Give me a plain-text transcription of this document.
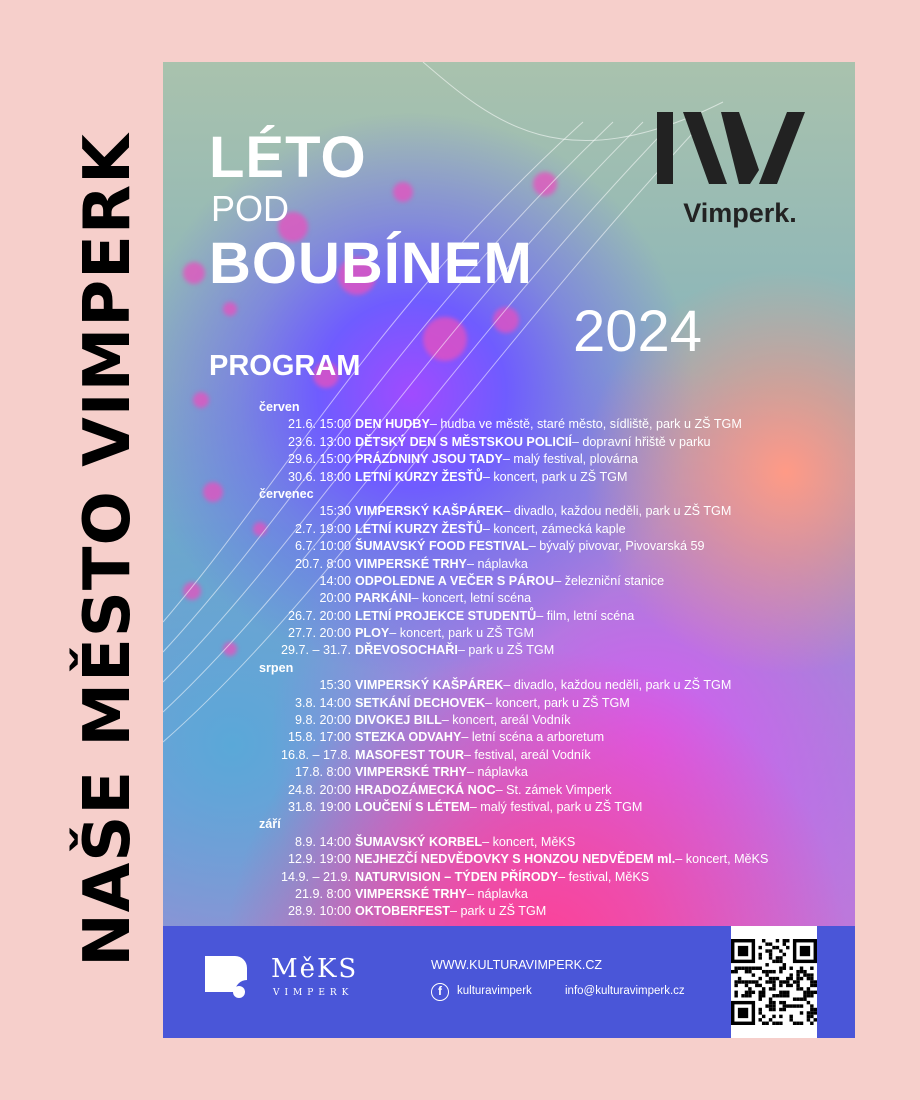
NAŠE MĚSTO VIMPERK LÉTO
POD
BOUBÍNEM
2024
PROGRAM
Vimperk.
červen
21.6. 15:00 DEN HUDBY – hudba ve městě, staré město, sídliště, park u ZŠ TGM
23.6. 13:00 DĚTSKÝ DEN S MĚSTSKOU POLICIÍ – dopravní hřiště v parku
29.6. 15:00 PRÁZDNINY JSOU TADY – malý festival, plovárna
30.6. 18:00 LETNÍ KURZY ŽESŤŮ – koncert, park u ZŠ TGM
červenec
15:30 VIMPERSKÝ KAŠPÁREK – divadlo, každou neděli, park u ZŠ TGM
2.7. 19:00 LETNÍ KURZY ŽESŤŮ – koncert, zámecká kaple
6.7. 10:00 ŠUMAVSKÝ FOOD FESTIVAL – bývalý pivovar, Pivovarská 59
20.7. 8:00 VIMPERSKÉ TRHY – náplavka
14:00 ODPOLEDNE A VEČER S PÁROU – železniční stanice
20:00 PARKÁNI – koncert, letní scéna
26.7. 20:00 LETNÍ PROJEKCE STUDENTŮ – film, letní scéna
27.7. 20:00 PLOY – koncert, park u ZŠ TGM
29.7. – 31.7. DŘEVOSOCHAŘI – park u ZŠ TGM
srpen
15:30 VIMPERSKÝ KAŠPÁREK – divadlo, každou neděli, park u ZŠ TGM
3.8. 14:00 SETKÁNÍ DECHOVEK – koncert, park u ZŠ TGM
9.8. 20:00 DIVOKEJ BILL – koncert, areál Vodník
15.8. 17:00 STEZKA ODVAHY – letní scéna a arboretum
16.8. – 17.8. MASOFEST TOUR – festival, areál Vodník
17.8. 8:00 VIMPERSKÉ TRHY – náplavka
24.8. 20:00 HRADOZÁMECKÁ NOC – St. zámek Vimperk
31.8. 19:00 LOUČENÍ S LÉTEM – malý festival, park u ZŠ TGM
září
8.9. 14:00 ŠUMAVSKÝ KORBEL – koncert, MěKS
12.9. 19:00 NEJHEZČÍ NEDVĚDOVKY S HONZOU NEDVĚDEM ml. – koncert, MěKS
14.9. – 21.9. NATURVISION – TÝDEN PŘÍRODY – festival, MěKS
21.9. 8:00 VIMPERSKÉ TRHY – náplavka
28.9. 10:00 OKTOBERFEST – park u ZŠ TGM
MěKS
VIMPERK
WWW.KULTURAVIMPERK.CZ
f	kulturavimperk	info@kulturavimperk.cz
